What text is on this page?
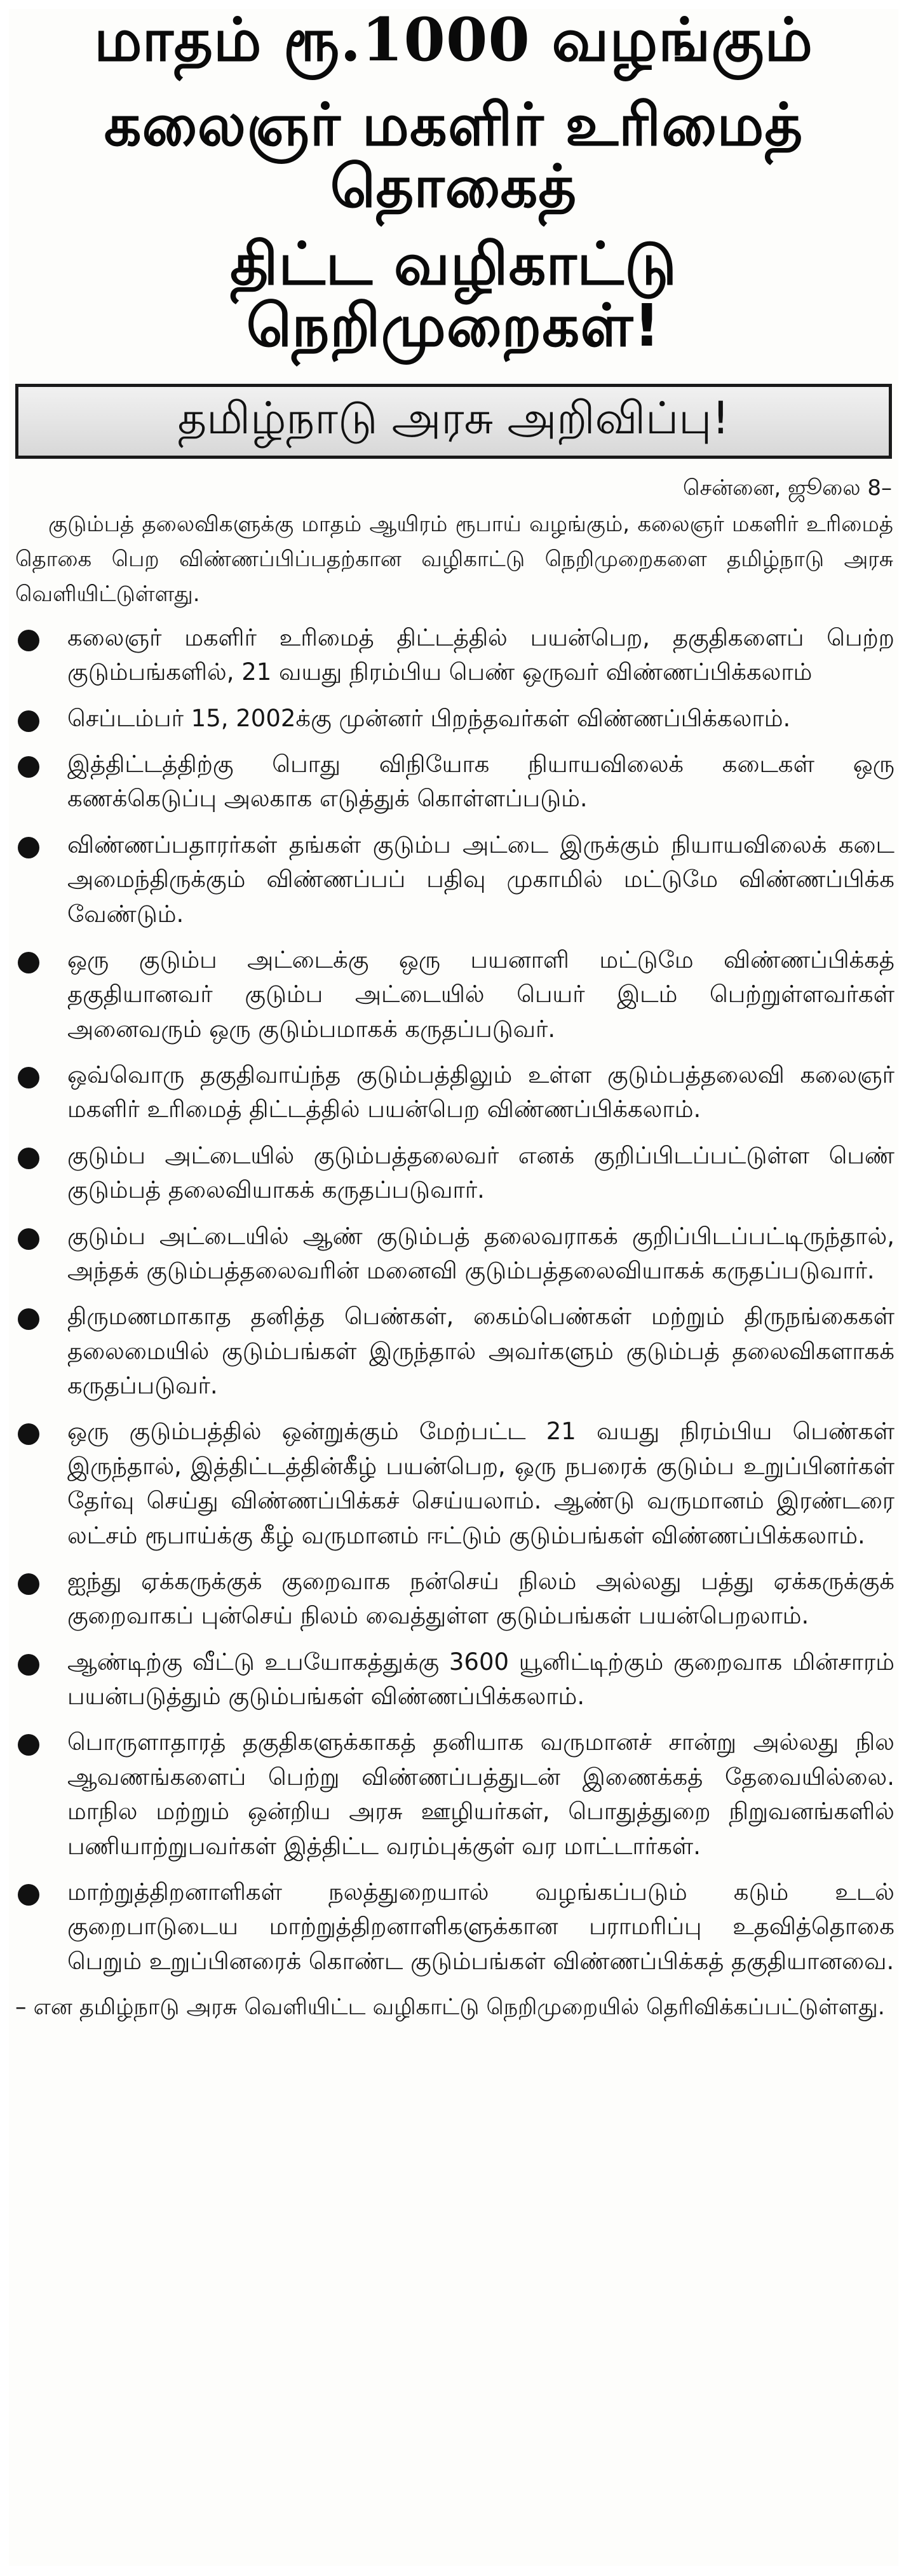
மாதம் ரூ.1000 வழங்கும்
கலைஞர் மகளிர் உரிமைத் தொகைத்
திட்ட வழிகாட்டு நெறிமுறைகள்!
தமிழ்நாடு அரசு அறிவிப்பு!
சென்னை, ஜூலை 8–

குடும்பத் தலைவிகளுக்கு மாதம் ஆயிரம் ரூபாய் வழங்கும், கலைஞர் மகளிர் உரிமைத் தொகை பெற விண்ணப்பிப்பதற்கான வழிகாட்டு நெறிமுறைகளை தமிழ்நாடு அரசு வெளியிட்டுள்ளது.

கலைஞர் மகளிர் உரிமைத் திட்டத்தில் பயன்பெற, தகுதிகளைப் பெற்ற குடும்பங்களில், 21 வயது நிரம்பிய பெண் ஒருவர் விண்ணப்பிக்கலாம்
செப்டம்பர் 15, 2002க்கு முன்னர் பிறந்தவர்கள் விண்ணப்பிக்கலாம்.
இத்திட்டத்திற்கு பொது விநியோக நியாயவிலைக் கடைகள் ஒரு கணக்கெடுப்பு அலகாக எடுத்துக் கொள்ளப்படும்.
விண்ணப்பதாரர்கள் தங்கள் குடும்ப அட்டை இருக்கும் நியாயவிலைக் கடை அமைந்திருக்கும் விண்ணப்பப் பதிவு முகாமில் மட்டுமே விண்ணப்பிக்க வேண்டும்.
ஒரு குடும்ப அட்டைக்கு ஒரு பயனாளி மட்டுமே விண்ணப்பிக்கத் தகுதியானவர் குடும்ப அட்டையில் பெயர் இடம் பெற்றுள்ளவர்கள் அனைவரும் ஒரு குடும்பமாகக் கருதப்படுவர்.
ஒவ்வொரு தகுதிவாய்ந்த குடும்பத்திலும் உள்ள குடும்பத்தலைவி கலைஞர் மகளிர் உரிமைத் திட்டத்தில் பயன்பெற விண்ணப்பிக்கலாம்.
குடும்ப அட்டையில் குடும்பத்தலைவர் எனக் குறிப்பிடப்பட்டுள்ள பெண் குடும்பத் தலைவியாகக் கருதப்படுவார்.
குடும்ப அட்டையில் ஆண் குடும்பத் தலைவராகக் குறிப்பிடப்பட்டிருந்தால், அந்தக் குடும்பத்தலைவரின் மனைவி குடும்பத்தலைவியாகக் கருதப்படுவார்.
திருமணமாகாத தனித்த பெண்கள், கைம்பெண்கள் மற்றும் திருநங்கைகள் தலைமையில் குடும்பங்கள் இருந்தால் அவர்களும் குடும்பத் தலைவிகளாகக் கருதப்படுவர்.
ஒரு குடும்பத்தில் ஒன்றுக்கும் மேற்பட்ட 21 வயது நிரம்பிய பெண்கள் இருந்தால், இத்திட்டத்தின்கீழ் பயன்பெற, ஒரு நபரைக் குடும்ப உறுப்பினர்கள் தேர்வு செய்து விண்ணப்பிக்கச் செய்யலாம். ஆண்டு வருமானம் இரண்டரை லட்சம் ரூபாய்க்கு கீழ் வருமானம் ஈட்டும் குடும்பங்கள் விண்ணப்பிக்கலாம்.
ஐந்து ஏக்கருக்குக் குறைவாக நன்செய் நிலம் அல்லது பத்து ஏக்கருக்குக் குறைவாகப் புன்செய் நிலம் வைத்துள்ள குடும்பங்கள் பயன்பெறலாம்.
ஆண்டிற்கு வீட்டு உபயோகத்துக்கு 3600 யூனிட்டிற்கும் குறைவாக மின்சாரம் பயன்படுத்தும் குடும்பங்கள் விண்ணப்பிக்கலாம்.
பொருளாதாரத் தகுதிகளுக்காகத் தனியாக வருமானச் சான்று அல்லது நில ஆவணங்களைப் பெற்று விண்ணப்பத்துடன் இணைக்கத் தேவையில்லை. மாநில மற்றும் ஒன்றிய அரசு ஊழியர்கள், பொதுத்துறை நிறுவனங்களில் பணியாற்றுபவர்கள் இத்திட்ட வரம்புக்குள் வர மாட்டார்கள்.
மாற்றுத்திறனாளிகள் நலத்துறையால் வழங்கப்படும் கடும் உடல் குறைபாடுடைய மாற்றுத்திறனாளிகளுக்கான பராமரிப்பு உதவித்தொகை பெறும் உறுப்பினரைக் கொண்ட குடும்பங்கள் விண்ணப்பிக்கத் தகுதியானவை.

– என தமிழ்நாடு அரசு வெளியிட்ட வழிகாட்டு நெறிமுறையில் தெரிவிக்கப்பட்டுள்ளது.
